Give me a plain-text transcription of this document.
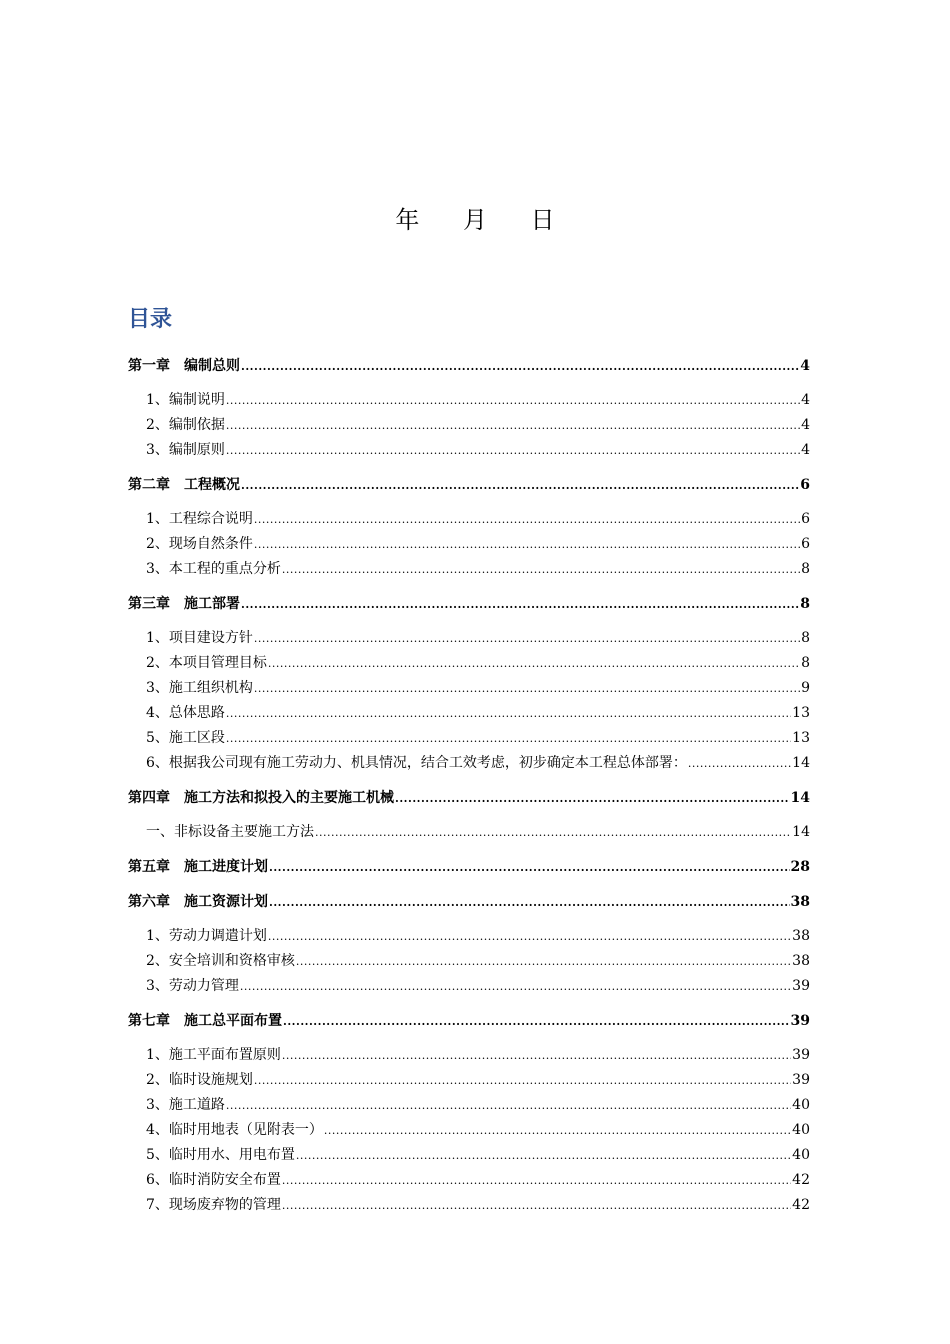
年 月 日
目录
第一章　编制总则 .....	4
1、编制说明 .....	4
2、编制依据 .....	4
3、编制原则 .....	4
第二章　工程概况 .....	6
1、工程综合说明 .....	6
2、现场自然条件 .....	6
3、本工程的重点分析 .....	8
第三章　施工部署 .....	8
1、项目建设方针 .....	8
2、本项目管理目标 .....	8
3、施工组织机构 .....	9
4、总体思路 .....	13
5、施工区段 .....	13
6、根据我公司现有施工劳动力、机具情况，结合工效考虑，初步确定本工程总体部署： .....	14
第四章　施工方法和拟投入的主要施工机械 .....	14
一、非标设备主要施工方法 .....	14
第五章　施工进度计划 .....	28
第六章　施工资源计划 .....	38
1、劳动力调遣计划 .....	38
2、安全培训和资格审核 .....	38
3、劳动力管理 .....	39
第七章　施工总平面布置 .....	39
1、施工平面布置原则 .....	39
2、临时设施规划 .....	39
3、施工道路 .....	40
4、临时用地表（见附表一） .....	40
5、临时用水、用电布置 .....	40
6、临时消防安全布置 .....	42
7、现场废弃物的管理 .....	42
